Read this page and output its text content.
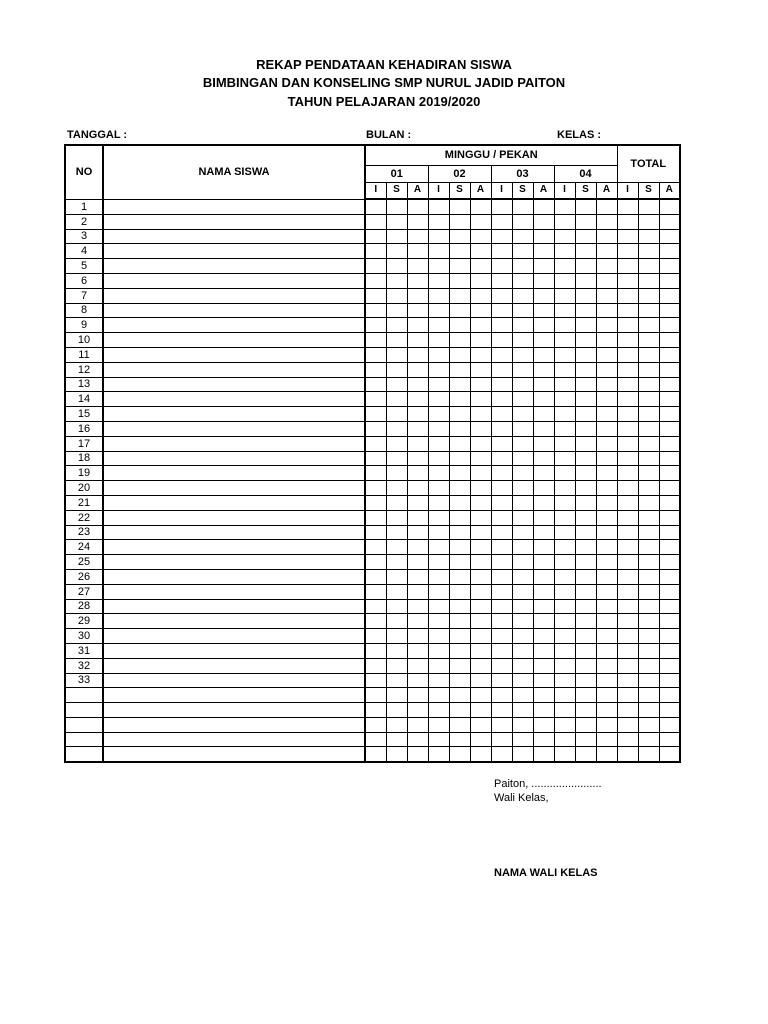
REKAP PENDATAAN KEHADIRAN SISWA
BIMBINGAN DAN KONSELING SMP NURUL JADID PAITON
TAHUN PELAJARAN 2019/2020
TANGGAL :	BULAN :	KELAS :
NO	NAMA SISWA	MINGGU / PEKAN												TOTAL		
		01			02			03			04					
		I	S	A	I	S	A	I	S	A	I	S	A	I	S	A
1																
2																
3																
4																
5																
6																
7																
8																
9																
10																
11																
12																
13																
14																
15																
16																
17																
18																
19																
20																
21																
22																
23																
24																
25																
26																
27																
28																
29																
30																
31																
32																
33																

Paiton, .......................
Wali Kelas,
NAMA WALI KELAS
